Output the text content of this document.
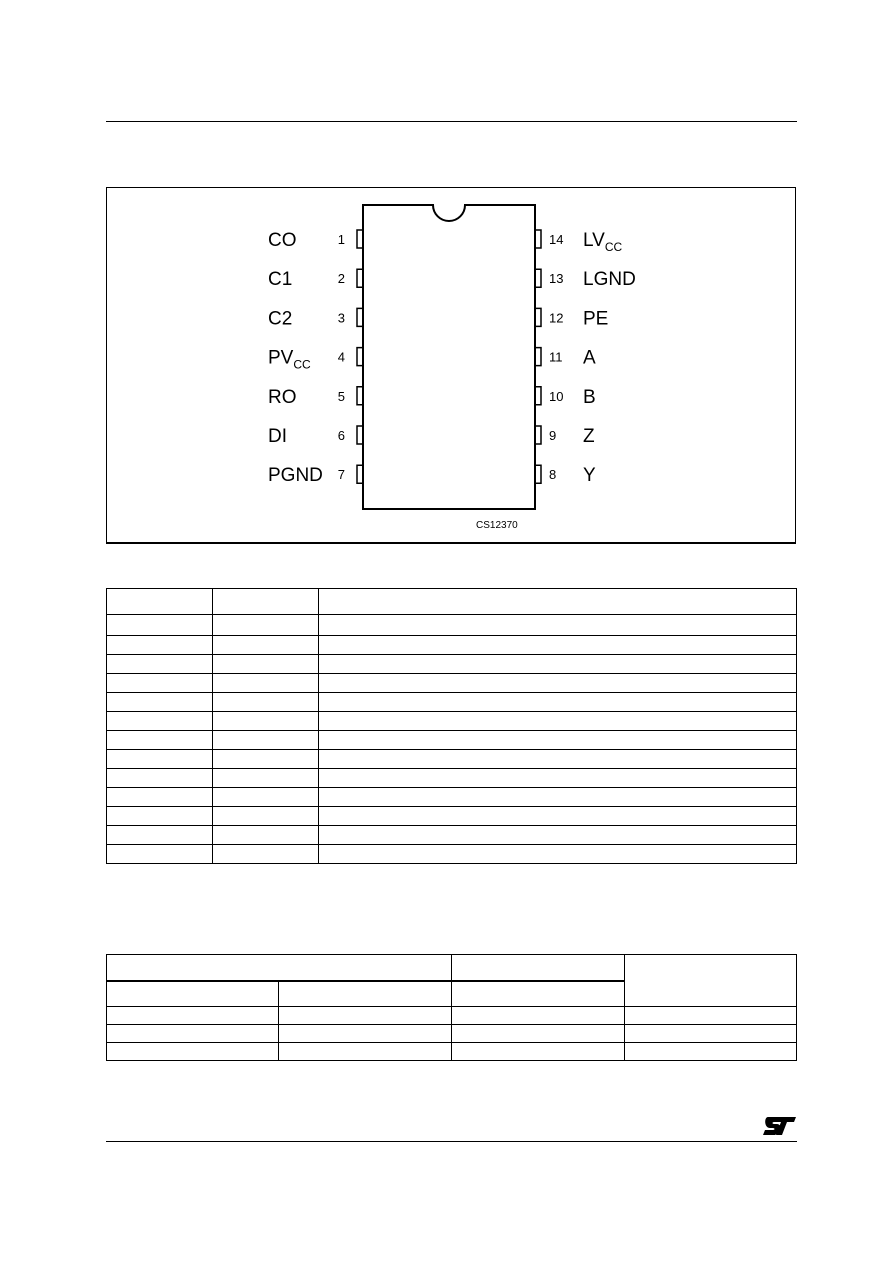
1
CO
2
C1
3
C2
4
$PV_{CC}$
5
RO
6
DI
7
PGND
14 $LV_{CC}$
13 LGND
12 PE
11 A
10 B
9 Z
8 Y
CS12370
